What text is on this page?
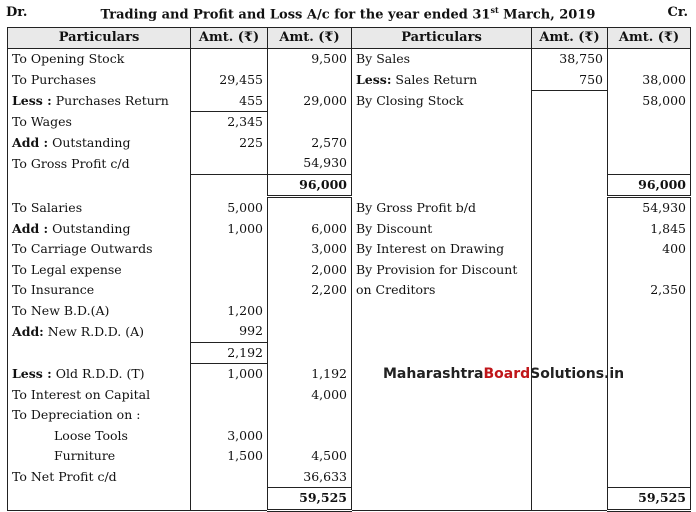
Dr.	Trading and Profit and Loss A/c for the year ended 31st March, 2019	Cr.
Particulars	Amt. (₹)	Amt. (₹)	Particulars	Amt. (₹)	Amt. (₹)
To Opening Stock		9,500	By Sales	38,750	
To Purchases	29,455		Less: Sales Return	750	38,000
Less : Purchases Return	455	29,000	By Closing Stock		58,000
To Wages	2,345				
Add : Outstanding	225	2,570			
To Gross Profit c/d		54,930			
		96,000			96,000
To Salaries	5,000		By Gross Profit b/d		54,930
Add : Outstanding	1,000	6,000	By Discount		1,845
To Carriage Outwards		3,000	By Interest on Drawing		400
To Legal expense		2,000	By Provision for Discount		
To Insurance		2,200	on Creditors		2,350
To New B.D.(A)	1,200				
Add: New R.D.D. (A)	992				
	2,192				
Less : Old R.D.D. (T)	1,000	1,192			
To Interest on Capital		4,000			
To Depreciation on :					
Loose Tools	3,000				
Furniture	1,500	4,500			
To Net Profit c/d		36,633			
		59,525			59,525
MaharashtraBoardSolutions.in
